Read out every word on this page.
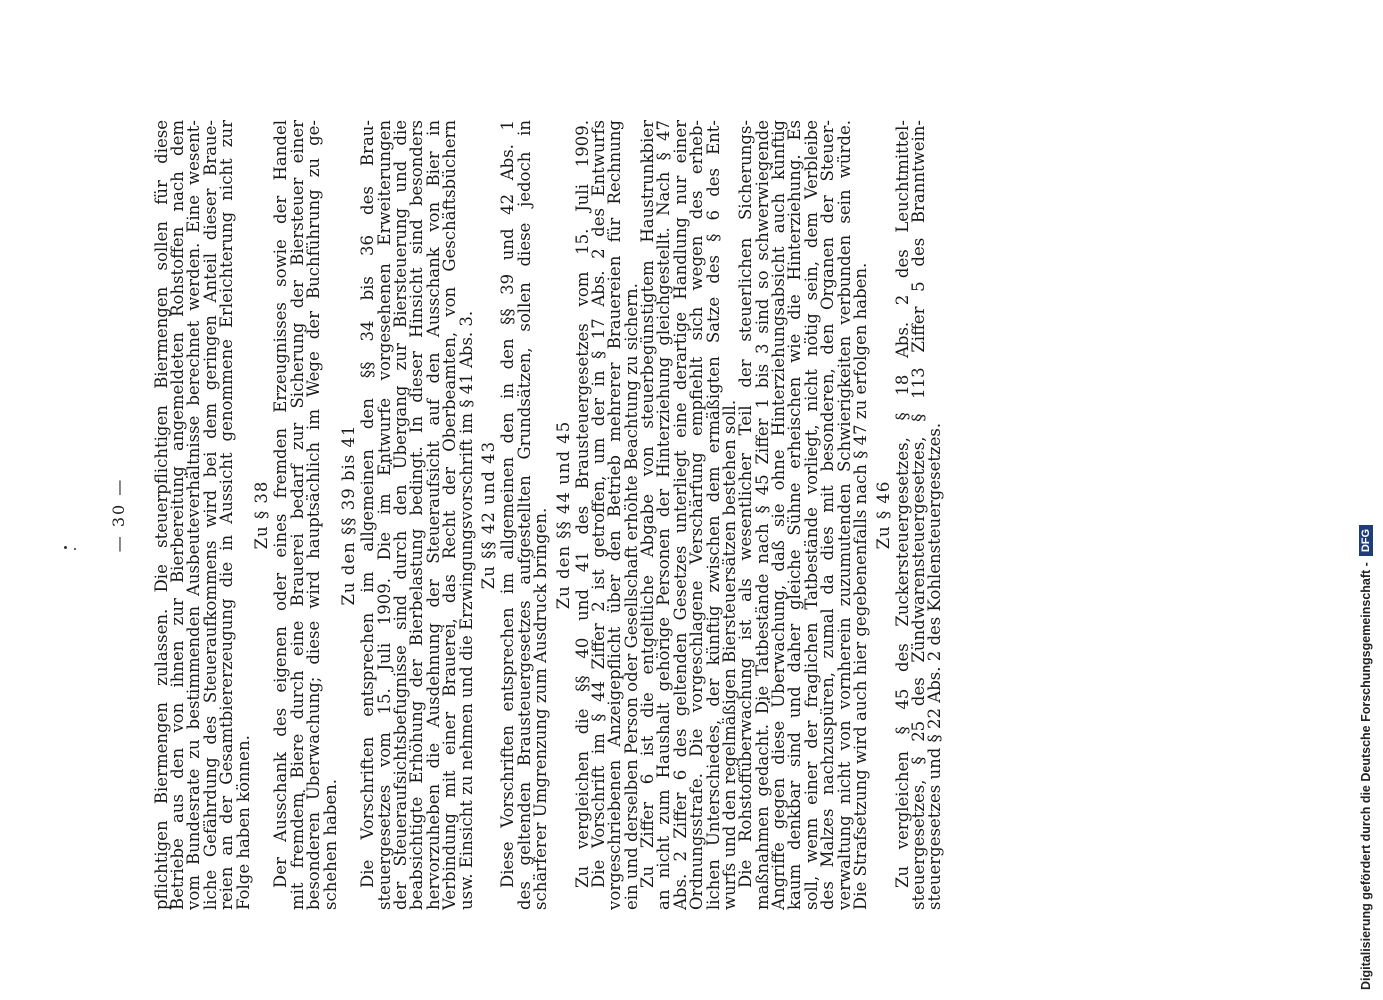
— 30 — pflichtigen Biermengen zulassen. Die steuerpflichtigen Biermengen sollen für diese
Betriebe aus den von ihnen zur Bierbereitung angemeldeten Rohstoffen nach dem
vom Bundesrate zu bestimmenden Ausbeuteverhältnisse berechnet werden. Eine wesent-
liche Gefährdung des Steueraufkommens wird bei dem geringen Anteil dieser Braue-
reien an der Gesamtbiererzeugung die in Aussicht genommene Erleichterung nicht zur
Folge haben können.
Zu § 38 Der Ausschank des eigenen oder eines fremden Erzeugnisses sowie der Handel
mit fremdem Biere durch eine Brauerei bedarf zur Sicherung der Biersteuer einer
besonderen Überwachung; diese wird hauptsächlich im Wege der Buchführung zu ge-
schehen haben.
Zu den §§ 39 bis 41 Die Vorschriften entsprechen im allgemeinen den §§ 34 bis 36 des Brau-
steuergesetzes vom 15. Juli 1909. Die im Entwurfe vorgesehenen Erweiterungen
der Steueraufsichtsbefugnisse sind durch den Übergang zur Biersteuerung und die
beabsichtigte Erhöhung der Bierbelastung bedingt. In dieser Hinsicht sind besonders
hervorzuheben die Ausdehnung der Steueraufsicht auf den Ausschank von Bier in
Verbindung mit einer Brauerei, das Recht der Oberbeamten, von Geschäftsbüchern
usw. Einsicht zu nehmen und die Erzwingungsvorschrift im § 41 Abs. 3. Zu §§ 42 und 43 Diese Vorschriften entsprechen im allgemeinen den in den §§ 39 und 42 Abs. 1
des geltenden Brausteuergesetzes aufgestellten Grundsätzen, sollen diese jedoch in
schärferer Umgrenzung zum Ausdruck bringen. Zu den §§ 44 und 45 Zu vergleichen die §§ 40 und 41 des Brausteuergesetzes vom 15. Juli 1909.
Die Vorschrift im § 44 Ziffer 2 ist getroffen, um der in § 17 Abs. 2 des Entwurfs
vorgeschriebenen Anzeigepflicht über den Betrieb mehrerer Brauereien für Rechnung
ein und derselben Person oder Gesellschaft erhöhte Beachtung zu sichern.
Zu Ziffer 6 ist die entgeltliche Abgabe von steuerbegünstigtem Haustrunkbier
an nicht zum Haushalt gehörige Personen der Hinterziehung gleichgestellt. Nach § 47
Abs. 2 Ziffer 6 des geltenden Gesetzes unterliegt eine derartige Handlung nur einer
Ordnungsstrafe. Die vorgeschlagene Verschärfung empfiehlt sich wegen des erheb-
lichen Unterschiedes, der künftig zwischen dem ermäßigten Satze des § 6 des Ent-
wurfs und den regelmäßigen Biersteuersätzen bestehen soll.
Die Rohstoffüberwachung ist als wesentlicher Teil der steuerlichen Sicherungs-
maßnahmen gedacht. Die Tatbestände nach § 45 Ziffer 1 bis 3 sind so schwerwiegende
Angriffe gegen diese Überwachung, daß sie ohne Hinterziehungsabsicht auch künftig
kaum denkbar sind und daher gleiche Sühne erheischen wie die Hinterziehung. Es
soll, wenn einer der fraglichen Tatbestände vorliegt, nicht nötig sein, dem Verbleibe
des Malzes nachzuspüren, zumal da dies mit besonderen, den Organen der Steuer-
verwaltung nicht von vornherein zuzumutenden Schwierigkeiten verbunden sein würde.
Die Strafsetzung wird auch hier gegebenenfalls nach § 47 zu erfolgen haben. Zu § 46 Zu vergleichen § 45 des Zuckersteuergesetzes, § 18 Abs. 2 des Leuchtmittel-
steuergesetzes, § 25 des Zündwarensteuergesetzes, § 113 Ziffer 5 des Branntwein-
steuergesetzes und § 22 Abs. 2 des Kohlensteuergesetzes.	Digitalisierung gefördert durch die Deutsche Forschungsgemeinschaft -
DFG
